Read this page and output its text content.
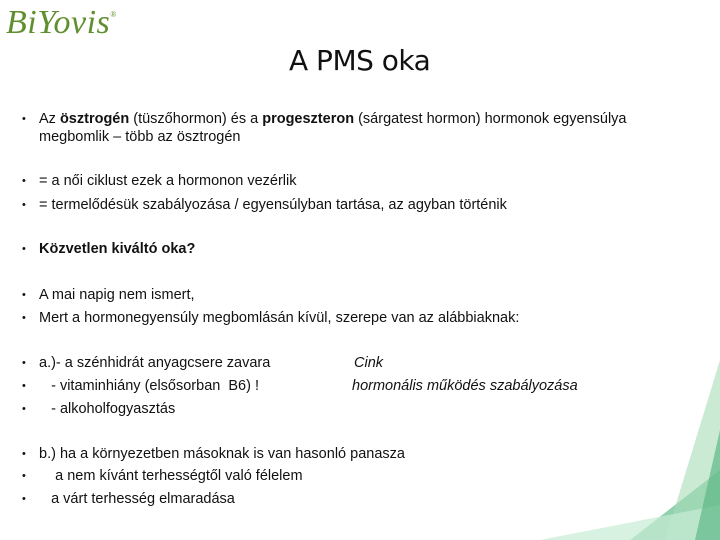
BiYovis®
A PMS oka
• Az ösztrogén (tüszőhormon) és a progeszteron (sárgatest hormon) hormonok egyensúlya
megbomlik – több az ösztrogén
• = a női ciklust ezek a hormonon vezérlik
• = termelődésük szabályozása / egyensúlyban tartása, az agyban történik
• Közvetlen kiváltó oka?
• A mai napig nem ismert,
• Mert a hormonegyensúly megbomlásán kívül, szerepe van az alábbiaknak:
• a.)- a szénhidrát anyagcsere zavara	Cink
• - vitaminhiány (elsősorban  B6) !	hormonális működés szabályozása
• - alkoholfogyasztás
• b.) ha a környezetben másoknak is van hasonló panasza
• a nem kívánt terhességtől való félelem
• a várt terhesség elmaradása
